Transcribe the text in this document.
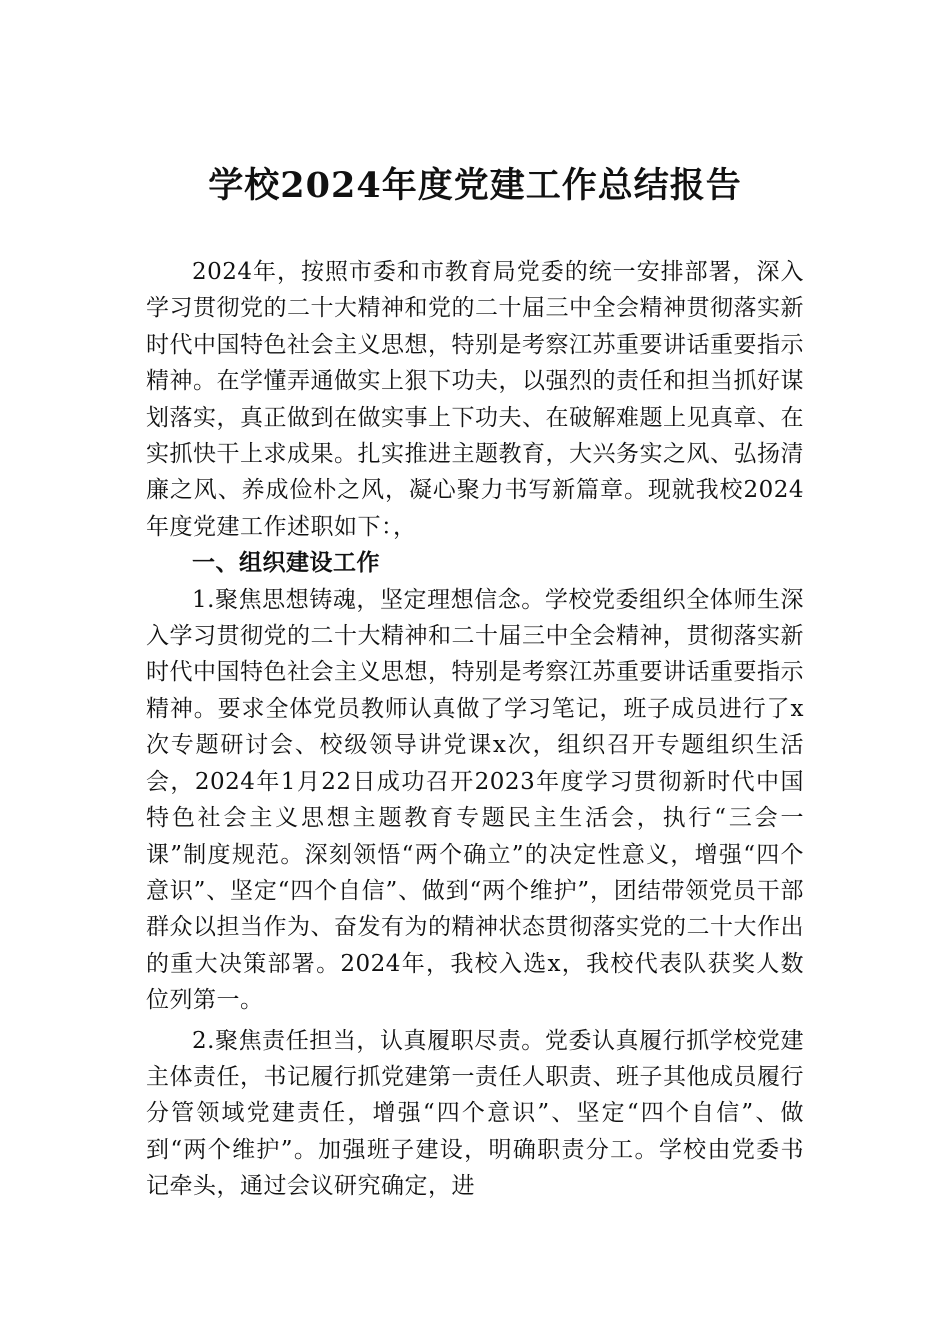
学校2024年度党建工作总结报告

2024年，按照市委和市教育局党委的统一安排部署，深入学习贯彻党的二十大精神和党的二十届三中全会精神贯彻落实新时代中国特色社会主义思想，特别是考察江苏重要讲话重要指示精神。在学懂弄通做实上狠下功夫，以强烈的责任和担当抓好谋划落实，真正做到在做实事上下功夫、在破解难题上见真章、在实抓快干上求成果。扎实推进主题教育，大兴务实之风、弘扬清廉之风、养成俭朴之风，凝心聚力书写新篇章。现就我校2024年度党建工作述职如下：，

一、组织建设工作

1.聚焦思想铸魂，坚定理想信念。学校党委组织全体师生深入学习贯彻党的二十大精神和二十届三中全会精神，贯彻落实新时代中国特色社会主义思想，特别是考察江苏重要讲话重要指示精神。要求全体党员教师认真做了学习笔记，班子成员进行了x次专题研讨会、校级领导讲党课x次，组织召开专题组织生活会，2024年1月22日成功召开2023年度学习贯彻新时代中国特色社会主义思想主题教育专题民主生活会，执行“三会一课”制度规范。深刻领悟“两个确立”的决定性意义，增强“四个意识”、坚定“四个自信”、做到“两个维护”，团结带领党员干部群众以担当作为、奋发有为的精神状态贯彻落实党的二十大作出的重大决策部署。2024年，我校入选x，我校代表队获奖人数位列第一。

2.聚焦责任担当，认真履职尽责。党委认真履行抓学校党建主体责任，书记履行抓党建第一责任人职责、班子其他成员履行分管领域党建责任，增强“四个意识”、坚定“四个自信”、做到“两个维护”。加强班子建设，明确职责分工。学校由党委书记牵头，通过会议研究确定，进
